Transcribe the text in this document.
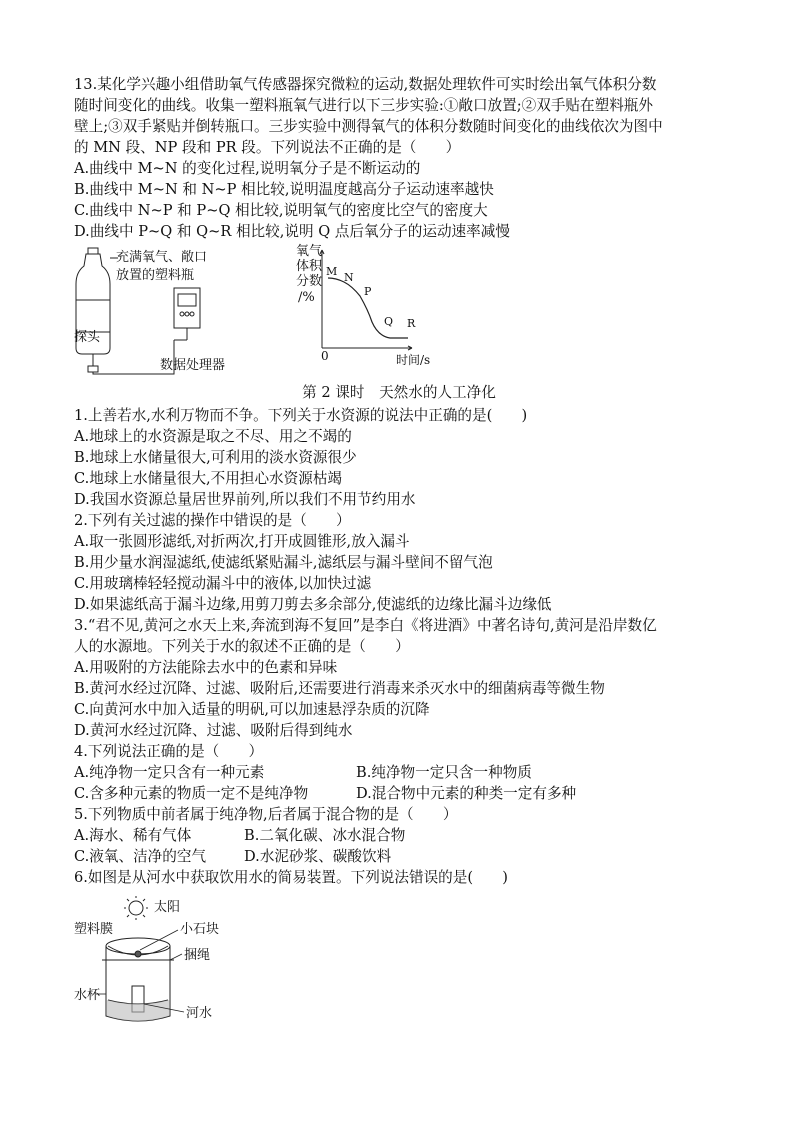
13.某化学兴趣小组借助氧气传感器探究微粒的运动,数据处理软件可实时绘出氧气体积分数
随时间变化的曲线。收集一塑料瓶氧气进行以下三步实验:①敞口放置;②双手贴在塑料瓶外
壁上;③双手紧贴并倒转瓶口。三步实验中测得氧气的体积分数随时间变化的曲线依次为图中
的 MN 段、NP 段和 PR 段。下列说法不正确的是（　　）
A.曲线中 M~N 的变化过程,说明氧分子是不断运动的
B.曲线中 M~N 和 N~P 相比较,说明温度越高分子运动速率越快
C.曲线中 N~P 和 P~Q 相比较,说明氧气的密度比空气的密度大
D.曲线中 P~Q 和 Q~R 相比较,说明 Q 点后氧分子的运动速率减慢
充满氧气、敞口
放置的塑料瓶
探头
数据处理器
氧气
体积
分数
/%
M N
P
Q R
0	时间/s
第 2 课时　天然水的人工净化
1.上善若水,水利万物而不争。下列关于水资源的说法中正确的是(　　)
A.地球上的水资源是取之不尽、用之不竭的
B.地球上水储量很大,可利用的淡水资源很少
C.地球上水储量很大,不用担心水资源枯竭
D.我国水资源总量居世界前列,所以我们不用节约用水
2.下列有关过滤的操作中错误的是（　　）
A.取一张圆形滤纸,对折两次,打开成圆锥形,放入漏斗
B.用少量水润湿滤纸,使滤纸紧贴漏斗,滤纸层与漏斗壁间不留气泡
C.用玻璃棒轻轻搅动漏斗中的液体,以加快过滤
D.如果滤纸高于漏斗边缘,用剪刀剪去多余部分,使滤纸的边缘比漏斗边缘低
3.“君不见,黄河之水天上来,奔流到海不复回”是李白《将进酒》中著名诗句,黄河是沿岸数亿
人的水源地。下列关于水的叙述不正确的是（　　）
A.用吸附的方法能除去水中的色素和异味
B.黄河水经过沉降、过滤、吸附后,还需要进行消毒来杀灭水中的细菌病毒等微生物
C.向黄河水中加入适量的明矾,可以加速悬浮杂质的沉降
D.黄河水经过沉降、过滤、吸附后得到纯水
4.下列说法正确的是（　　）
A.纯净物一定只含有一种元素	B.纯净物一定只含一种物质
C.含多种元素的物质一定不是纯净物	D.混合物中元素的种类一定有多种
5.下列物质中前者属于纯净物,后者属于混合物的是（　　）
A.海水、稀有气体	B.二氧化碳、冰水混合物
C.液氧、洁净的空气	D.水泥砂浆、碳酸饮料
6.如图是从河水中获取饮用水的简易装置。下列说法错误的是(　　)
太阳
塑料膜	小石块
捆绳
水杯
河水
